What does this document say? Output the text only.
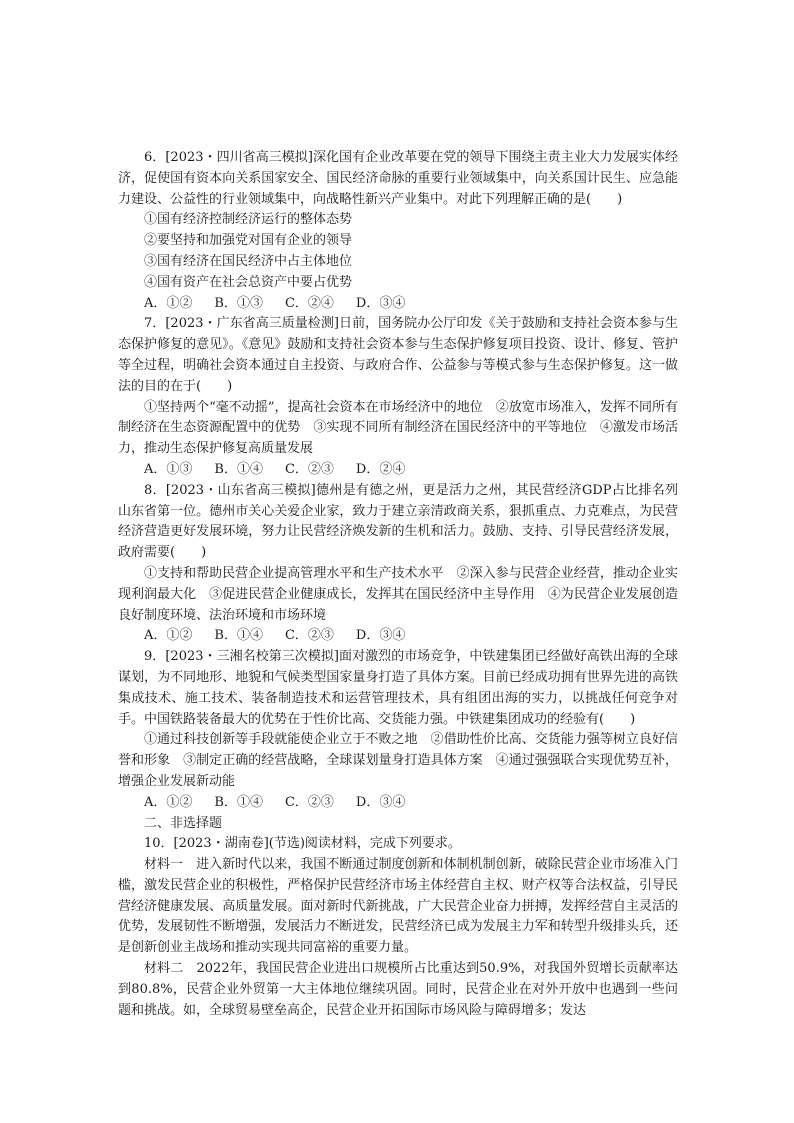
6．[2023・四川省高三模拟]深化国有企业改革要在党的领导下围绕主责主业大力发展实体经济，促使国有资本向关系国家安全、国民经济命脉的重要行业领域集中，向关系国计民生、应急能力建设、公益性的行业领域集中，向战略性新兴产业集中。对此下列理解正确的是(　　)

①国有经济控制经济运行的整体态势

②要坚持和加强党对国有企业的领导

③国有经济在国民经济中占主体地位

④国有资产在社会总资产中要占优势

A．①② B．①③ C．②④ D．③④

7．[2023・广东省高三质量检测]日前，国务院办公厅印发《关于鼓励和支持社会资本参与生态保护修复的意见》。《意见》鼓励和支持社会资本参与生态保护修复项目投资、设计、修复、管护等全过程，明确社会资本通过自主投资、与政府合作、公益参与等模式参与生态保护修复。这一做法的目的在于(　　)

①坚持两个“毫不动摇”，提高社会资本在市场经济中的地位　②放宽市场准入，发挥不同所有制经济在生态资源配置中的优势　③实现不同所有制经济在国民经济中的平等地位　④激发市场活力，推动生态保护修复高质量发展

A．①③ B．①④ C．②③ D．②④

8．[2023・山东省高三模拟]德州是有德之州，更是活力之州，其民营经济GDP占比排名列山东省第一位。德州市关心关爱企业家，致力于建立亲清政商关系，狠抓重点、力克难点，为民营经济营造更好发展环境，努力让民营经济焕发新的生机和活力。鼓励、支持、引导民营经济发展，政府需要(　　)

①支持和帮助民营企业提高管理水平和生产技术水平　②深入参与民营企业经营，推动企业实现利润最大化　③促进民营企业健康成长，发挥其在国民经济中主导作用　④为民营企业发展创造良好制度环境、法治环境和市场环境

A．①② B．①④ C．②③ D．③④

9．[2023・三湘名校第三次模拟]面对激烈的市场竞争，中铁建集团已经做好高铁出海的全球谋划，为不同地形、地貌和气候类型国家量身打造了具体方案。目前已经成功拥有世界先进的高铁集成技术、施工技术、装备制造技术和运营管理技术，具有组团出海的实力，以挑战任何竞争对手。中国铁路装备最大的优势在于性价比高、交货能力强。中铁建集团成功的经验有(　　)

①通过科技创新等手段就能使企业立于不败之地　②借助性价比高、交货能力强等树立良好信誉和形象　③制定正确的经营战略，全球谋划量身打造具体方案　④通过强强联合实现优势互补，增强企业发展新动能

A．①② B．①④ C．②③ D．③④

二、非选择题

10．[2023・湖南卷](节选)阅读材料，完成下列要求。

材料一　进入新时代以来，我国不断通过制度创新和体制机制创新，破除民营企业市场准入门槛，激发民营企业的积极性，严格保护民营经济市场主体经营自主权、财产权等合法权益，引导民营经济健康发展、高质量发展。面对新时代新挑战，广大民营企业奋力拼搏，发挥经营自主灵活的优势，发展韧性不断增强，发展活力不断迸发，民营经济已成为发展主力军和转型升级排头兵，还是创新创业主战场和推动实现共同富裕的重要力量。

材料二　2022年，我国民营企业进出口规模所占比重达到50.9%，对我国外贸增长贡献率达到80.8%，民营企业外贸第一大主体地位继续巩固。同时，民营企业在对外开放中也遇到一些问题和挑战。如，全球贸易壁垒高企，民营企业开拓国际市场风险与障碍增多；发达
